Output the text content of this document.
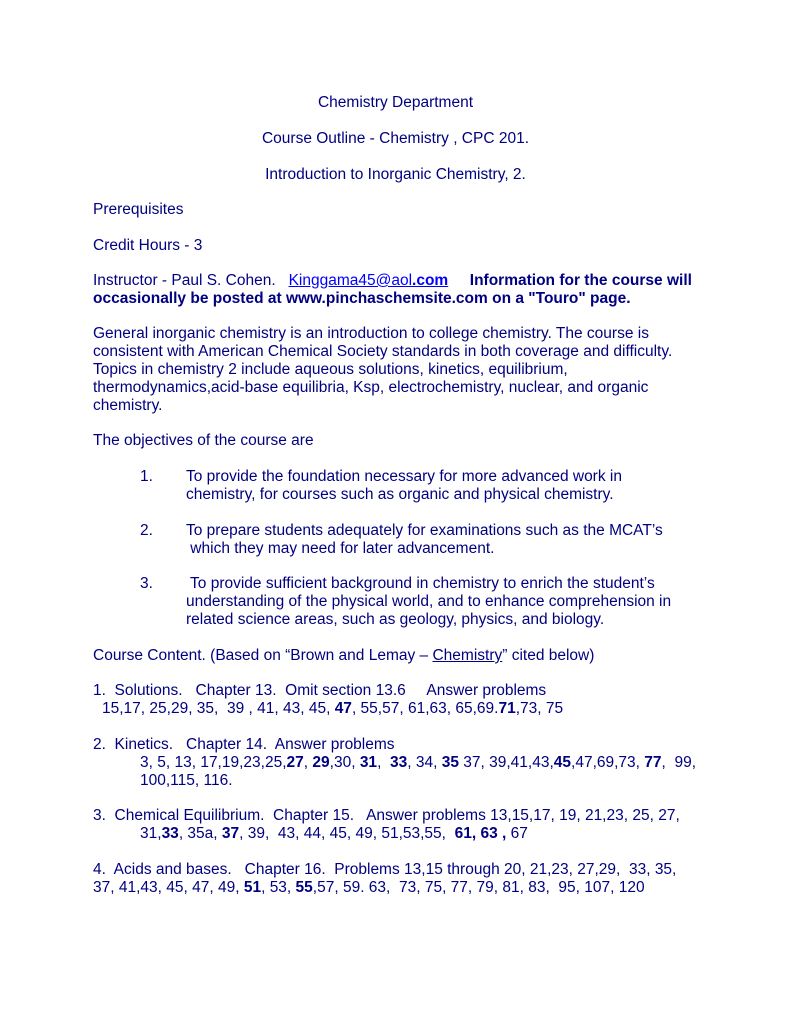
Chemistry Department
Course Outline - Chemistry , CPC 201.
Introduction to Inorganic Chemistry, 2.
Prerequisites
Credit Hours - 3
Instructor - Paul S. Cohen. Kinggama45@aol.com Information for the course will
occasionally be posted at www.pinchaschemsite.com on a "Touro" page.
General inorganic chemistry is an introduction to college chemistry. The course is
consistent with American Chemical Society standards in both coverage and difficulty.
Topics in chemistry 2 include aqueous solutions, kinetics, equilibrium,
thermodynamics,acid-base equilibria, Ksp, electrochemistry, nuclear, and organic
chemistry.
The objectives of the course are
1. To provide the foundation necessary for more advanced work in
chemistry, for courses such as organic and physical chemistry.
2. To prepare students adequately for examinations such as the MCAT’s
which they may need for later advancement.
3. To provide sufficient background in chemistry to enrich the student’s
understanding of the physical world, and to enhance comprehension in
related science areas, such as geology, physics, and biology.
Course Content. (Based on “Brown and Lemay – Chemistry” cited below)
1.  Solutions.   Chapter 13.  Omit section 13.6     Answer problems
15,17, 25,29, 35,  39 , 41, 43, 45, 47, 55,57, 61,63, 65,69.71,73, 75
2.  Kinetics.   Chapter 14.  Answer problems
3, 5, 13, 17,19,23,25,27, 29,30, 31,  33, 34, 35 37, 39,41,43,45,47,69,73, 77,  99,
100,115, 116.
3.  Chemical Equilibrium.  Chapter 15.   Answer problems 13,15,17, 19, 21,23, 25, 27,
31,33, 35a, 37, 39,  43, 44, 45, 49, 51,53,55,  61, 63 , 67
4.  Acids and bases.   Chapter 16.  Problems 13,15 through 20, 21,23, 27,29,  33, 35,
37, 41,43, 45, 47, 49, 51, 53, 55,57, 59. 63,  73, 75, 77, 79, 81, 83,  95, 107, 120
